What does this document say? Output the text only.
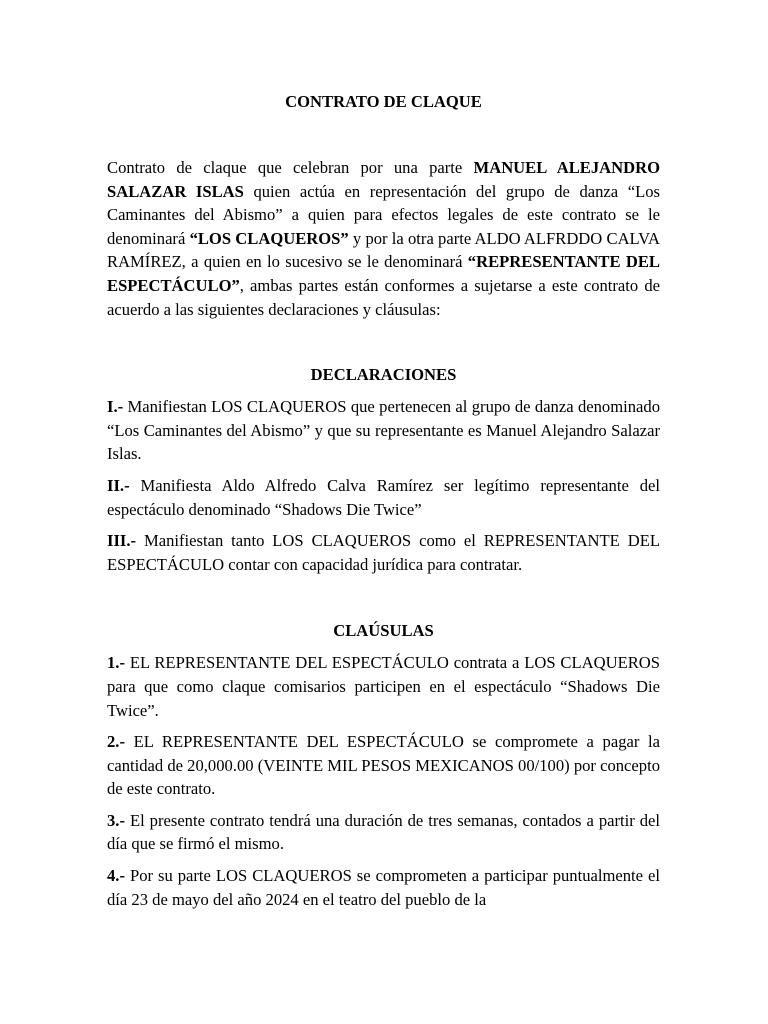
CONTRATO DE CLAQUE

Contrato de claque que celebran por una parte MANUEL ALEJANDRO SALAZAR ISLAS quien actúa en representación del grupo de danza “Los Caminantes del Abismo” a quien para efectos legales de este contrato se le denominará “LOS CLAQUEROS” y por la otra parte ALDO ALFRDDO CALVA RAMÍREZ, a quien en lo sucesivo se le denominará “REPRESENTANTE DEL ESPECTÁCULO”, ambas partes están conformes a sujetarse a este contrato de acuerdo a las siguientes declaraciones y cláusulas:

DECLARACIONES

I.- Manifiestan LOS CLAQUEROS que pertenecen al grupo de danza denominado “Los Caminantes del Abismo” y que su representante es Manuel Alejandro Salazar Islas.

II.- Manifiesta Aldo Alfredo Calva Ramírez ser legítimo representante del espectáculo denominado “Shadows Die Twice”

III.- Manifiestan tanto LOS CLAQUEROS como el REPRESENTANTE DEL ESPECTÁCULO contar con capacidad jurídica para contratar.

CLAÚSULAS

1.- EL REPRESENTANTE DEL ESPECTÁCULO contrata a LOS CLAQUEROS para que como claque comisarios participen en el espectáculo “Shadows Die Twice”.

2.- EL REPRESENTANTE DEL ESPECTÁCULO se compromete a pagar la cantidad de 20,000.00 (VEINTE MIL PESOS MEXICANOS 00/100) por concepto de este contrato.

3.- El presente contrato tendrá una duración de tres semanas, contados a partir del día que se firmó el mismo.

4.- Por su parte LOS CLAQUEROS se comprometen a participar puntualmente el día 23 de mayo del año 2024 en el teatro del pueblo de la
